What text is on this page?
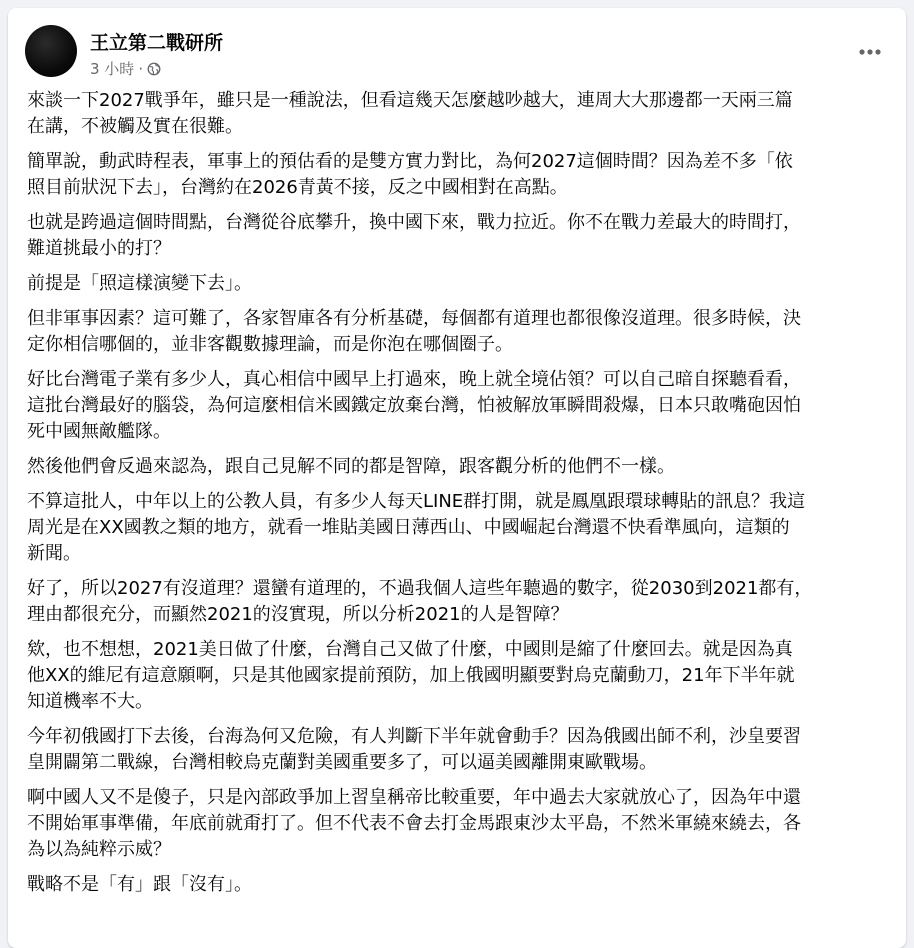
王立第二戰研所
3 小時 ·

來談一下2027戰爭年，雖只是一種說法，但看這幾天怎麼越吵越大，連周大大那邊都一天兩三篇
在講，不被觸及實在很難。

簡單說，動武時程表，軍事上的預估看的是雙方實力對比，為何2027這個時間？因為差不多「依
照目前狀況下去」，台灣約在2026青黃不接，反之中國相對在高點。

也就是跨過這個時間點，台灣從谷底攀升，換中國下來，戰力拉近。你不在戰力差最大的時間打，
難道挑最小的打？

前提是「照這樣演變下去」。

但非軍事因素？這可難了，各家智庫各有分析基礎，每個都有道理也都很像沒道理。很多時候，決
定你相信哪個的，並非客觀數據理論，而是你泡在哪個圈子。

好比台灣電子業有多少人，真心相信中國早上打過來，晚上就全境佔領？可以自己暗自探聽看看，
這批台灣最好的腦袋，為何這麼相信米國鐵定放棄台灣，怕被解放軍瞬間殺爆，日本只敢嘴砲因怕
死中國無敵艦隊。

然後他們會反過來認為，跟自己見解不同的都是智障，跟客觀分析的他們不一樣。

不算這批人，中年以上的公教人員，有多少人每天LINE群打開，就是鳳凰跟環球轉貼的訊息？我這
周光是在XX國教之類的地方，就看一堆貼美國日薄西山、中國崛起台灣還不快看準風向，這類的
新聞。

好了，所以2027有沒道理？還蠻有道理的，不過我個人這些年聽過的數字，從2030到2021都有，
理由都很充分，而顯然2021的沒實現，所以分析2021的人是智障？

欸，也不想想，2021美日做了什麼，台灣自己又做了什麼，中國則是縮了什麼回去。就是因為真
他XX的維尼有這意願啊，只是其他國家提前預防，加上俄國明顯要對烏克蘭動刀，21年下半年就
知道機率不大。

今年初俄國打下去後，台海為何又危險，有人判斷下半年就會動手？因為俄國出師不利，沙皇要習
皇開闢第二戰線，台灣相較烏克蘭對美國重要多了，可以逼美國離開東歐戰場。

啊中國人又不是傻子，只是內部政爭加上習皇稱帝比較重要，年中過去大家就放心了，因為年中還
不開始軍事準備，年底前就甭打了。但不代表不會去打金馬跟東沙太平島，不然米軍繞來繞去，各
為以為純粹示威？

戰略不是「有」跟「沒有」。
